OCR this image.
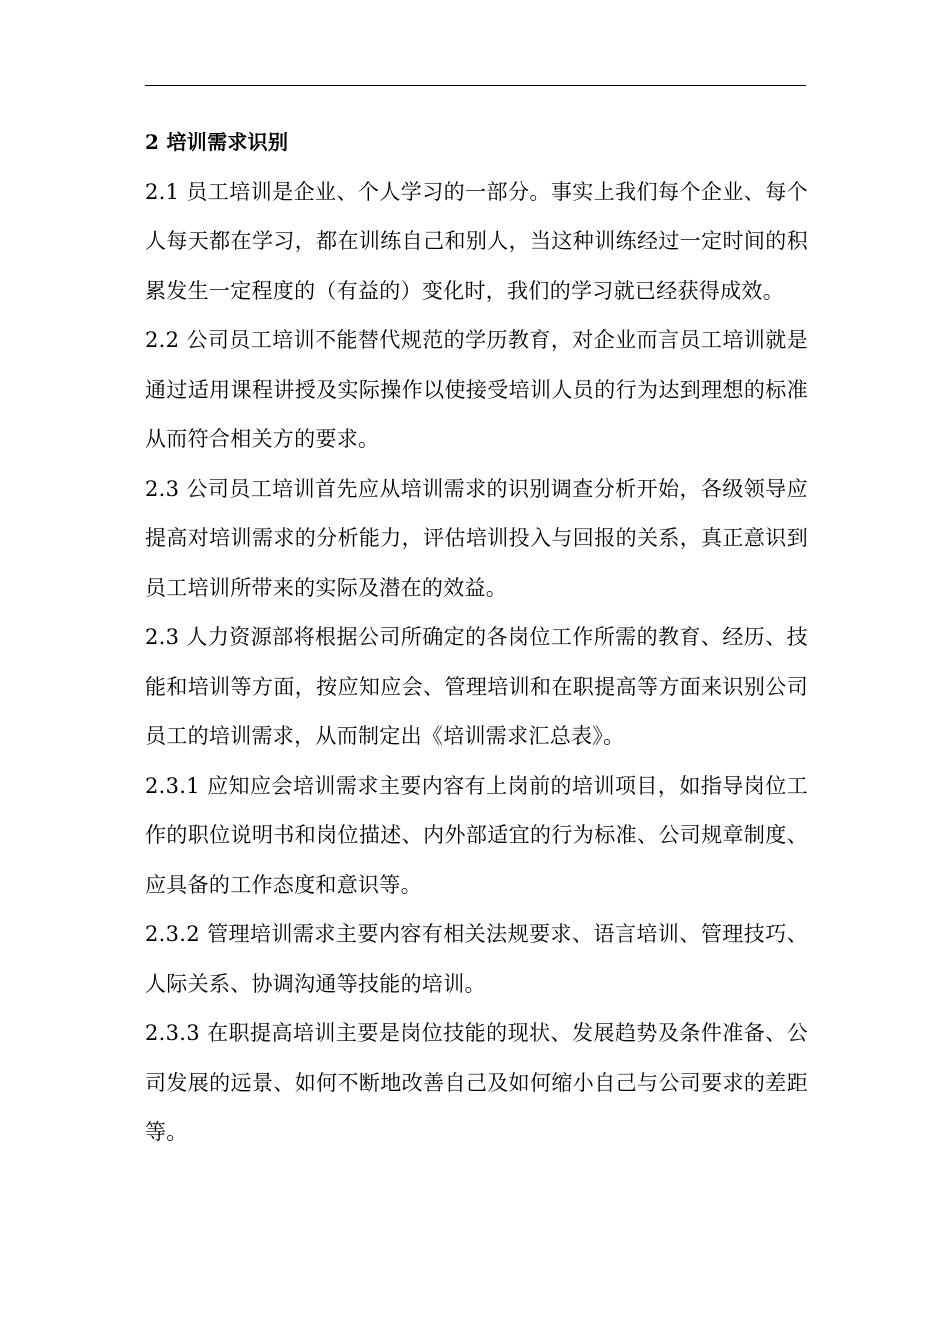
2 培训需求识别

2.1 员工培训是企业、个人学习的一部分。事实上我们每个企业、每个人每天都在学习，都在训练自己和别人，当这种训练经过一定时间的积累发生一定程度的（有益的）变化时，我们的学习就已经获得成效。

2.2 公司员工培训不能替代规范的学历教育，对企业而言员工培训就是通过适用课程讲授及实际操作以使接受培训人员的行为达到理想的标准从而符合相关方的要求。

2.3 公司员工培训首先应从培训需求的识别调查分析开始，各级领导应提高对培训需求的分析能力，评估培训投入与回报的关系，真正意识到员工培训所带来的实际及潜在的效益。

2.3 人力资源部将根据公司所确定的各岗位工作所需的教育、经历、技能和培训等方面，按应知应会、管理培训和在职提高等方面来识别公司员工的培训需求，从而制定出《培训需求汇总表》。

2.3.1 应知应会培训需求主要内容有上岗前的培训项目，如指导岗位工作的职位说明书和岗位描述、内外部适宜的行为标准、公司规章制度、应具备的工作态度和意识等。

2.3.2 管理培训需求主要内容有相关法规要求、语言培训、管理技巧、人际关系、协调沟通等技能的培训。

2.3.3 在职提高培训主要是岗位技能的现状、发展趋势及条件准备、公司发展的远景、如何不断地改善自己及如何缩小自己与公司要求的差距等。
